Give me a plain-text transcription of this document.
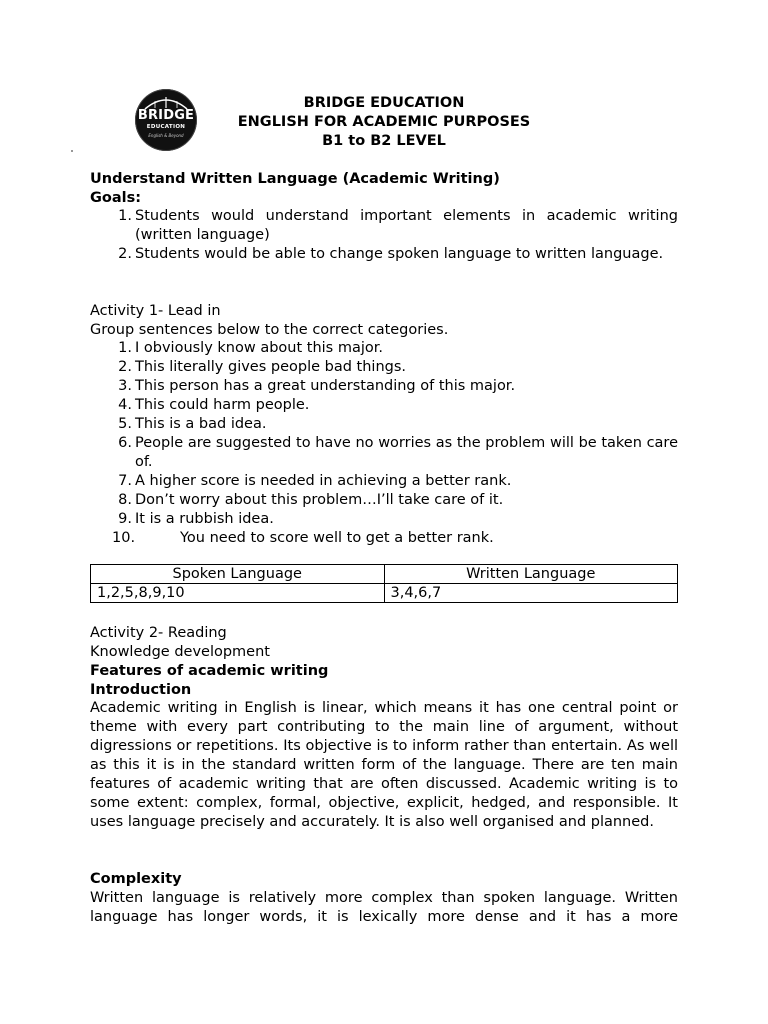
BRIDGE
EDUCATION
English & Beyond
BRIDGE EDUCATION
ENGLISH FOR ACADEMIC PURPOSES
B1 to B2 LEVEL
Understand Written Language (Academic Writing)
Goals:
1. Students would understand important elements in academic writing (written language)
2. Students would be able to change spoken language to written language.
Activity 1- Lead in
Group sentences below to the correct categories.
1. I obviously know about this major.
2. This literally gives people bad things.
3. This person has a great understanding of this major.
4. This could harm people.
5. This is a bad idea.
6. People are suggested to have no worries as the problem will be taken care of.
7. A higher score is needed in achieving a better rank.
8. Don’t worry about this problem…I’ll take care of it.
9. It is a rubbish idea.
10.	You need to score well to get a better rank.
Spoken Language	Written Language
1,2,5,8,9,10	3,4,6,7
Activity 2- Reading
Knowledge development
Features of academic writing
Introduction
Academic writing in English is linear, which means it has one central point or theme with every part contributing to the main line of argument, without digressions or repetitions. Its objective is to inform rather than entertain. As well as this it is in the standard written form of the language. There are ten main features of academic writing that are often discussed. Academic writing is to some extent: complex, formal, objective, explicit, hedged, and responsible. It uses language precisely and accurately. It is also well organised and planned.
Complexity
Written language is relatively more complex than spoken language. Written language has longer words, it is lexically more dense and it has a more
